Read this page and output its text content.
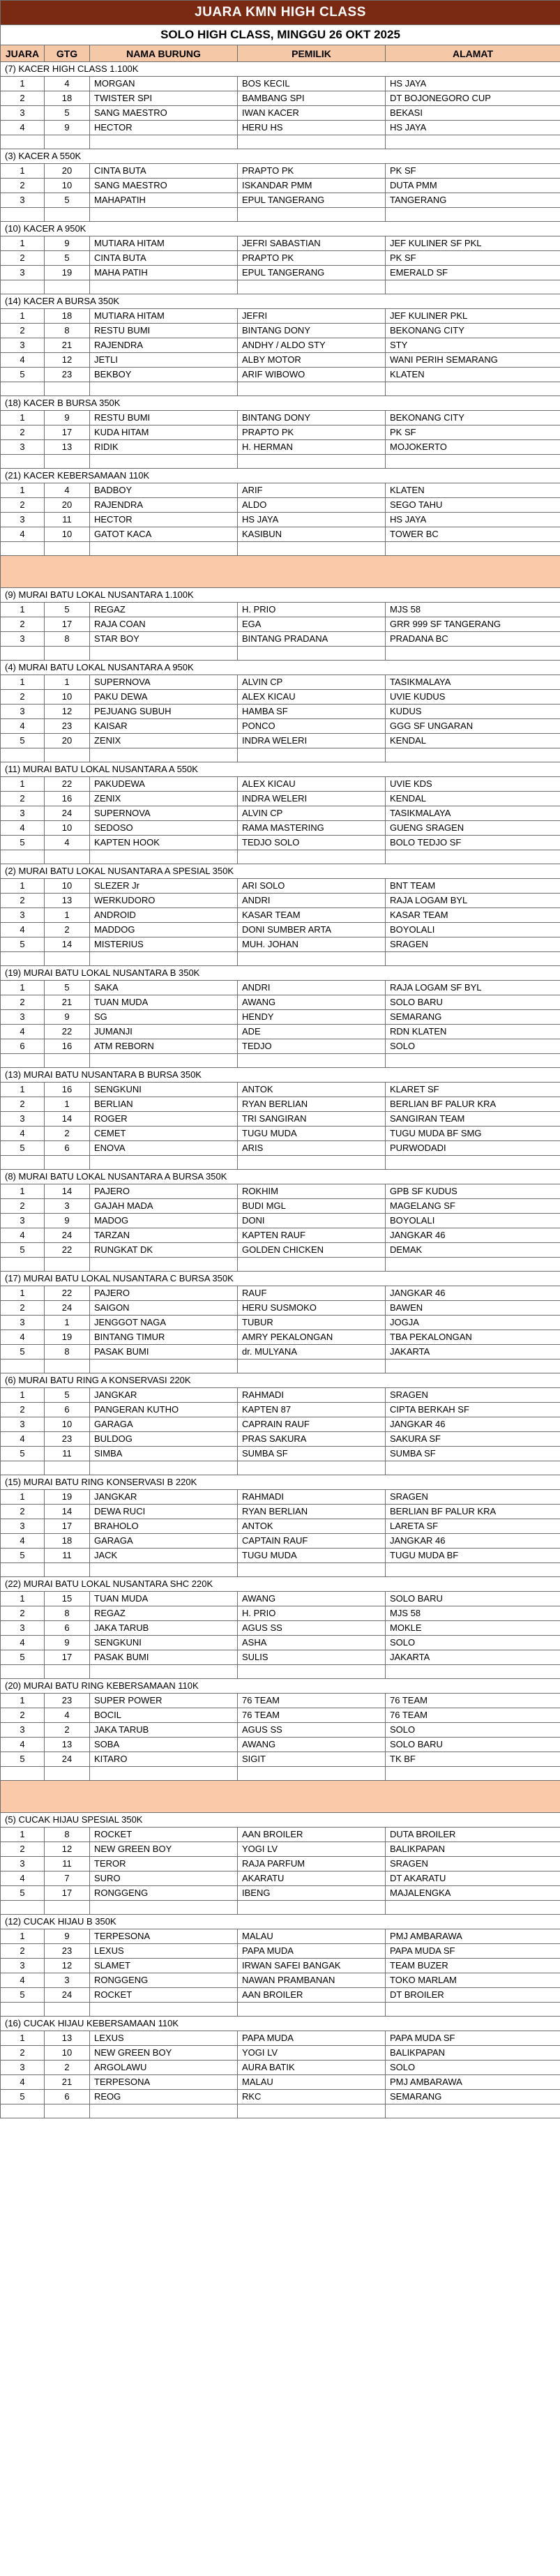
JUARA KMN HIGH CLASS				
SOLO HIGH CLASS, MINGGU 26 OKT 2025				
JUARA	GTG	NAMA BURUNG	PEMILIK	ALAMAT
(7) KACER HIGH CLASS 1.100K				
1	4	MORGAN	BOS KECIL	HS JAYA
2	18	TWISTER SPI	BAMBANG SPI	DT BOJONEGORO CUP
3	5	SANG MAESTRO	IWAN KACER	BEKASI
4	9	HECTOR	HERU HS	HS JAYA

(3) KACER A 550K				
1	20	CINTA BUTA	PRAPTO PK	PK SF
2	10	SANG MAESTRO	ISKANDAR PMM	DUTA PMM
3	5	MAHAPATIH	EPUL TANGERANG	TANGERANG

(10) KACER A 950K				
1	9	MUTIARA HITAM	JEFRI SABASTIAN	JEF KULINER SF PKL
2	5	CINTA BUTA	PRAPTO PK	PK SF
3	19	MAHA PATIH	EPUL TANGERANG	EMERALD SF

(14) KACER A BURSA 350K				
1	18	MUTIARA HITAM	JEFRI	JEF KULINER PKL
2	8	RESTU BUMI	BINTANG DONY	BEKONANG CITY
3	21	RAJENDRA	ANDHY / ALDO STY	STY
4	12	JETLI	ALBY MOTOR	WANI PERIH SEMARANG
5	23	BEKBOY	ARIF WIBOWO	KLATEN

(18) KACER B BURSA 350K				
1	9	RESTU BUMI	BINTANG DONY	BEKONANG CITY
2	17	KUDA HITAM	PRAPTO PK	PK SF
3	13	RIDIK	H. HERMAN	MOJOKERTO

(21) KACER KEBERSAMAAN 110K				
1	4	BADBOY	ARIF	KLATEN
2	20	RAJENDRA	ALDO	SEGO TAHU
3	11	HECTOR	HS JAYA	HS JAYA
4	10	GATOT KACA	KASIBUN	TOWER BC

(9) MURAI BATU LOKAL NUSANTARA 1.100K				
1	5	REGAZ	H. PRIO	MJS 58
2	17	RAJA COAN	EGA	GRR 999 SF TANGERANG
3	8	STAR BOY	BINTANG PRADANA	PRADANA BC

(4) MURAI BATU LOKAL NUSANTARA A 950K				
1	1	SUPERNOVA	ALVIN CP	TASIKMALAYA
2	10	PAKU DEWA	ALEX KICAU	UVIE KUDUS
3	12	PEJUANG SUBUH	HAMBA SF	KUDUS
4	23	KAISAR	PONCO	GGG SF UNGARAN
5	20	ZENIX	INDRA WELERI	KENDAL

(11) MURAI BATU LOKAL NUSANTARA A 550K				
1	22	PAKUDEWA	ALEX KICAU	UVIE KDS
2	16	ZENIX	INDRA WELERI	KENDAL
3	24	SUPERNOVA	ALVIN CP	TASIKMALAYA
4	10	SEDOSO	RAMA MASTERING	GUENG SRAGEN
5	4	KAPTEN HOOK	TEDJO SOLO	BOLO TEDJO SF

(2) MURAI BATU LOKAL NUSANTARA A SPESIAL 350K				
1	10	SLEZER Jr	ARI SOLO	BNT TEAM
2	13	WERKUDORO	ANDRI	RAJA LOGAM BYL
3	1	ANDROID	KASAR TEAM	KASAR TEAM
4	2	MADDOG	DONI SUMBER ARTA	BOYOLALI
5	14	MISTERIUS	MUH. JOHAN	SRAGEN

(19) MURAI BATU LOKAL NUSANTARA B 350K				
1	5	SAKA	ANDRI	RAJA LOGAM SF BYL
2	21	TUAN MUDA	AWANG	SOLO BARU
3	9	SG	HENDY	SEMARANG
4	22	JUMANJI	ADE	RDN KLATEN
6	16	ATM REBORN	TEDJO	SOLO

(13) MURAI BATU NUSANTARA B BURSA 350K				
1	16	SENGKUNI	ANTOK	KLARET SF
2	1	BERLIAN	RYAN BERLIAN	BERLIAN BF PALUR KRA
3	14	ROGER	TRI SANGIRAN	SANGIRAN TEAM
4	2	CEMET	TUGU MUDA	TUGU MUDA BF SMG
5	6	ENOVA	ARIS	PURWODADI

(8) MURAI BATU LOKAL NUSANTARA A BURSA 350K				
1	14	PAJERO	ROKHIM	GPB SF KUDUS
2	3	GAJAH MADA	BUDI MGL	MAGELANG SF
3	9	MADOG	DONI	BOYOLALI
4	24	TARZAN	KAPTEN RAUF	JANGKAR 46
5	22	RUNGKAT DK	GOLDEN CHICKEN	DEMAK

(17) MURAI BATU LOKAL NUSANTARA C BURSA 350K				
1	22	PAJERO	RAUF	JANGKAR 46
2	24	SAIGON	HERU SUSMOKO	BAWEN
3	1	JENGGOT NAGA	TUBUR	JOGJA
4	19	BINTANG TIMUR	AMRY PEKALONGAN	TBA PEKALONGAN
5	8	PASAK BUMI	dr. MULYANA	JAKARTA

(6) MURAI BATU RING A KONSERVASI 220K				
1	5	JANGKAR	RAHMADI	SRAGEN
2	6	PANGERAN KUTHO	KAPTEN 87	CIPTA BERKAH SF
3	10	GARAGA	CAPRAIN RAUF	JANGKAR 46
4	23	BULDOG	PRAS SAKURA	SAKURA SF
5	11	SIMBA	SUMBA SF	SUMBA SF

(15) MURAI BATU RING KONSERVASI B 220K				
1	19	JANGKAR	RAHMADI	SRAGEN
2	14	DEWA RUCI	RYAN BERLIAN	BERLIAN BF PALUR KRA
3	17	BRAHOLO	ANTOK	LARETA SF
4	18	GARAGA	CAPTAIN RAUF	JANGKAR 46
5	11	JACK	TUGU MUDA	TUGU MUDA BF

(22) MURAI BATU LOKAL NUSANTARA SHC 220K				
1	15	TUAN MUDA	AWANG	SOLO BARU
2	8	REGAZ	H. PRIO	MJS 58
3	6	JAKA TARUB	AGUS SS	MOKLE
4	9	SENGKUNI	ASHA	SOLO
5	17	PASAK BUMI	SULIS	JAKARTA

(20) MURAI BATU RING KEBERSAMAAN 110K				
1	23	SUPER POWER	76 TEAM	76 TEAM
2	4	BOCIL	76 TEAM	76 TEAM
3	2	JAKA TARUB	AGUS SS	SOLO
4	13	SOBA	AWANG	SOLO BARU
5	24	KITARO	SIGIT	TK BF

(5) CUCAK HIJAU SPESIAL 350K				
1	8	ROCKET	AAN BROILER	DUTA BROILER
2	12	NEW GREEN BOY	YOGI LV	BALIKPAPAN
3	11	TEROR	RAJA PARFUM	SRAGEN
4	7	SURO	AKARATU	DT AKARATU
5	17	RONGGENG	IBENG	MAJALENGKA

(12) CUCAK HIJAU B 350K				
1	9	TERPESONA	MALAU	PMJ AMBARAWA
2	23	LEXUS	PAPA MUDA	PAPA MUDA SF
3	12	SLAMET	IRWAN SAFEI BANGAK	TEAM BUZER
4	3	RONGGENG	NAWAN PRAMBANAN	TOKO MARLAM
5	24	ROCKET	AAN BROILER	DT BROILER

(16) CUCAK HIJAU KEBERSAMAAN 110K				
1	13	LEXUS	PAPA MUDA	PAPA MUDA SF
2	10	NEW GREEN BOY	YOGI LV	BALIKPAPAN
3	2	ARGOLAWU	AURA BATIK	SOLO
4	21	TERPESONA	MALAU	PMJ AMBARAWA
5	6	REOG	RKC	SEMARANG
